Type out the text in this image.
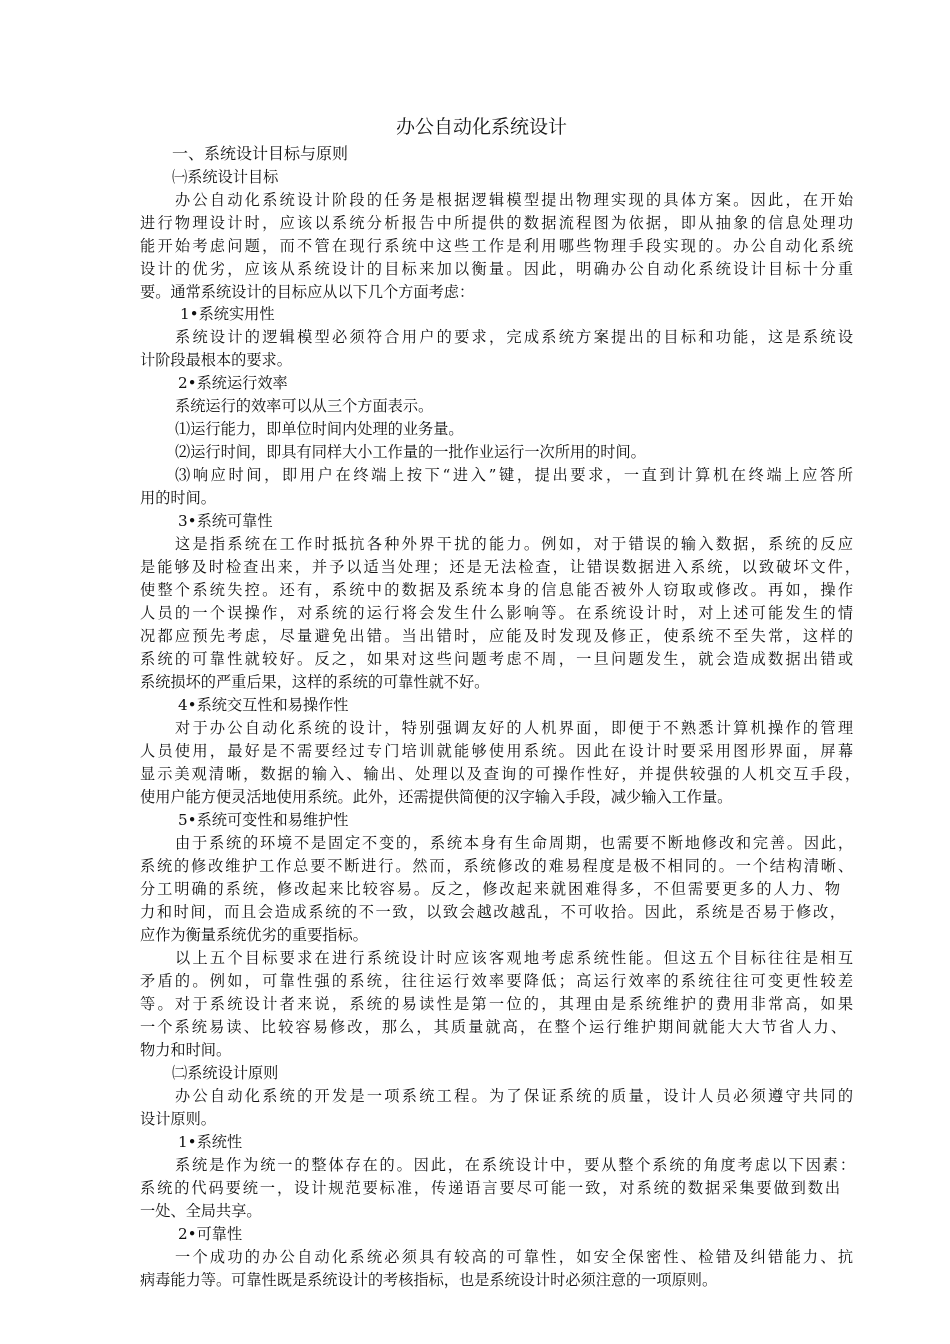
办公自动化系统设计
一、系统设计目标与原则
㈠系统设计目标
办公自动化系统设计阶段的任务是根据逻辑模型提出物理实现的具体方案。因此，在开始
进行物理设计时，应该以系统分析报告中所提供的数据流程图为依据，即从抽象的信息处理功
能开始考虑问题，而不管在现行系统中这些工作是利用哪些物理手段实现的。办公自动化系统
设计的优劣，应该从系统设计的目标来加以衡量。因此，明确办公自动化系统设计目标十分重
要。通常系统设计的目标应从以下几个方面考虑：
1•系统实用性
系统设计的逻辑模型必须符合用户的要求，完成系统方案提出的目标和功能，这是系统设
计阶段最根本的要求。
2•系统运行效率
系统运行的效率可以从三个方面表示。
⑴运行能力，即单位时间内处理的业务量。
⑵运行时间，即具有同样大小工作量的一批作业运行一次所用的时间。
⑶响应时间，即用户在终端上按下“进入”键，提出要求，一直到计算机在终端上应答所
用的时间。
3•系统可靠性
这是指系统在工作时抵抗各种外界干扰的能力。例如，对于错误的输入数据，系统的反应
是能够及时检查出来，并予以适当处理；还是无法检查，让错误数据进入系统，以致破坏文件，
使整个系统失控。还有，系统中的数据及系统本身的信息能否被外人窃取或修改。再如，操作
人员的一个误操作，对系统的运行将会发生什么影响等。在系统设计时，对上述可能发生的情
况都应预先考虑，尽量避免出错。当出错时，应能及时发现及修正，使系统不至失常，这样的
系统的可靠性就较好。反之，如果对这些问题考虑不周，一旦问题发生，就会造成数据出错或
系统损坏的严重后果，这样的系统的可靠性就不好。
4•系统交互性和易操作性
对于办公自动化系统的设计，特别强调友好的人机界面，即便于不熟悉计算机操作的管理
人员使用，最好是不需要经过专门培训就能够使用系统。因此在设计时要采用图形界面，屏幕
显示美观清晰，数据的输入、输出、处理以及查询的可操作性好，并提供较强的人机交互手段，
使用户能方便灵活地使用系统。此外，还需提供简便的汉字输入手段，减少输入工作量。
5•系统可变性和易维护性
由于系统的环境不是固定不变的，系统本身有生命周期，也需要不断地修改和完善。因此，
系统的修改维护工作总要不断进行。然而，系统修改的难易程度是极不相同的。一个结构清晰、
分工明确的系统，修改起来比较容易。反之，修改起来就困难得多，不但需要更多的人力、物
力和时间，而且会造成系统的不一致，以致会越改越乱，不可收拾。因此，系统是否易于修改，
应作为衡量系统优劣的重要指标。
以上五个目标要求在进行系统设计时应该客观地考虑系统性能。但这五个目标往往是相互
矛盾的。例如，可靠性强的系统，往往运行效率要降低；高运行效率的系统往往可变更性较差
等。对于系统设计者来说，系统的易读性是第一位的，其理由是系统维护的费用非常高，如果
一个系统易读、比较容易修改，那么，其质量就高，在整个运行维护期间就能大大节省人力、
物力和时间。
㈡系统设计原则
办公自动化系统的开发是一项系统工程。为了保证系统的质量，设计人员必须遵守共同的
设计原则。
1•系统性
系统是作为统一的整体存在的。因此，在系统设计中，要从整个系统的角度考虑以下因素：
系统的代码要统一，设计规范要标准，传递语言要尽可能一致，对系统的数据采集要做到数出
一处、全局共享。
2•可靠性
一个成功的办公自动化系统必须具有较高的可靠性，如安全保密性、检错及纠错能力、抗
病毒能力等。可靠性既是系统设计的考核指标，也是系统设计时必须注意的一项原则。
